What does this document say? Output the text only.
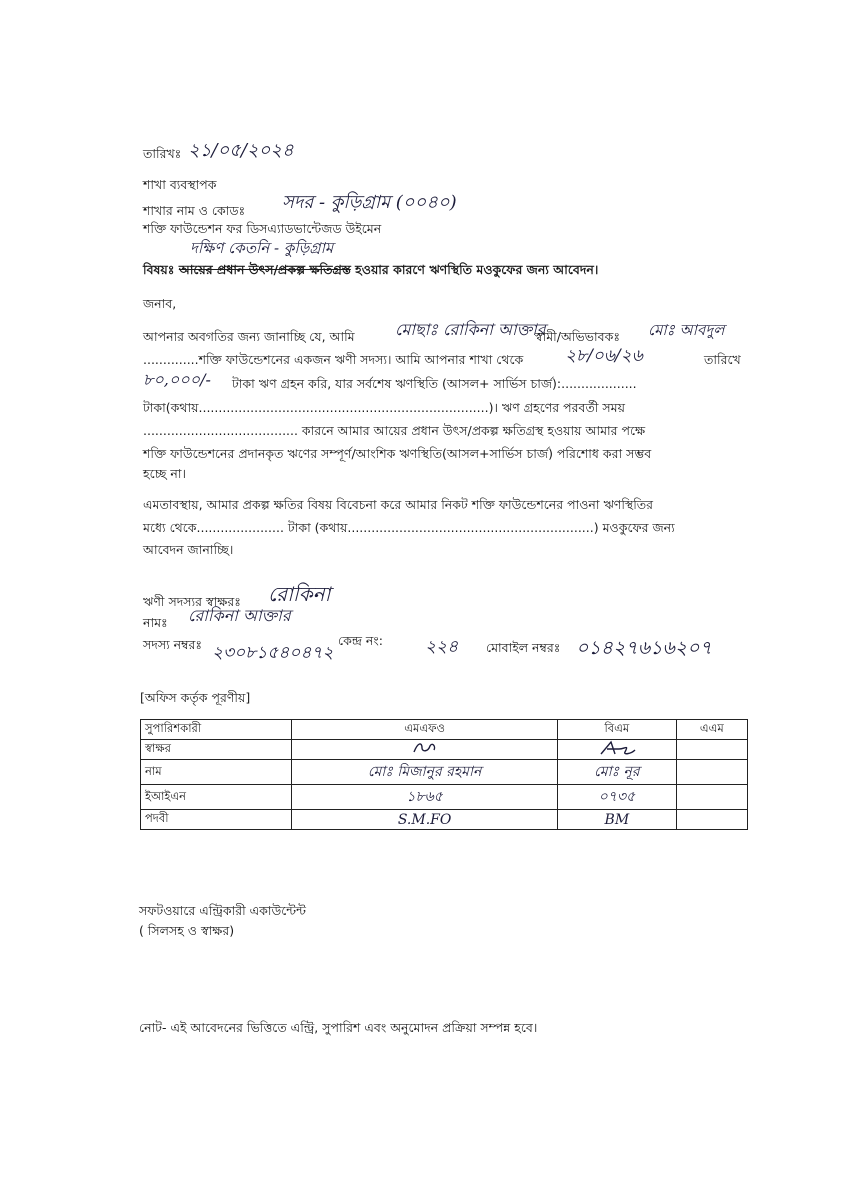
তারিখঃ ২১/০৫/২০২৪
শাখা ব্যবস্থাপক
শাখার নাম ও কোডঃ সদর - কুড়িগ্রাম (০০৪০)
শক্তি ফাউন্ডেশন ফর ডিসএ্যাডভান্টেজড উইমেন
দক্ষিণ কেতনি - কুড়িগ্রাম
বিষয়ঃ আয়ের প্রধান উৎস/প্রকল্প ক্ষতিগ্রস্ত হওয়ার কারণে ঋণস্থিতি মওকুফের জন্য আবেদন।
জনাব,
আপনার অবগতির জন্য জানাচ্ছি যে, আমি	মোছাঃ রোকিনা আক্তার
স্বামী/অভিভাবকঃ মোঃ আবদুল
..............শক্তি ফাউন্ডেশনের একজন ঋণী সদস্য। আমি আপনার শাখা থেকে ২৮/০৬/২৬	তারিখে
৮০,০০০/- টাকা ঋণ গ্রহন করি, যার সর্বশেষ ঋণস্থিতি (আসল+ সার্ভিস চার্জ):...................
টাকা(কথায়.........................................................................)। ঋণ গ্রহণের পরবর্তী সময়
....................................... কারনে আমার আয়ের প্রধান উৎস/প্রকল্প ক্ষতিগ্রস্থ হওয়ায় আমার পক্ষে
শক্তি ফাউন্ডেশনের প্রদানকৃত ঋণের সম্পূর্ণ/আংশিক ঋণস্থিতি(আসল+সার্ভিস চার্জ) পরিশোধ করা সম্ভব
হচ্ছে না।
এমতাবস্থায়, আমার প্রকল্প ক্ষতির বিষয় বিবেচনা করে আমার নিকট শক্তি ফাউন্ডেশনের পাওনা ঋণস্থিতির
মধ্যে থেকে...................... টাকা (কথায়..............................................................) মওকুফের জন্য
আবেদন জানাচ্ছি।
ঋণী সদস্যর স্বাক্ষরঃ রোকিনা
নামঃ রোকিনা আক্তার
সদস্য নম্বরঃ ২৩০৮১৫৪০৪৭২
কেন্দ্র নং: ২২৪ মোবাইল নম্বরঃ ০১৪২৭৬১৬২০৭
[অফিস কর্তৃক পূরণীয়]
সুপারিশকারী	এমএফও	বিএম	এএম
স্বাক্ষর			
নাম	মোঃ মিজানুর রহমান	মোঃ নূর	
ইআইএন	১৮৬৫	০৭৩৫	
পদবী	S.M.FO	BM	
সফটওয়ারে এন্ট্রিকারী একাউন্টেন্ট
( সিলসহ ও স্বাক্ষর)
নোট- এই আবেদনের ভিত্তিতে এন্ট্রি, সুপারিশ এবং অনুমোদন প্রক্রিয়া সম্পন্ন হবে।
